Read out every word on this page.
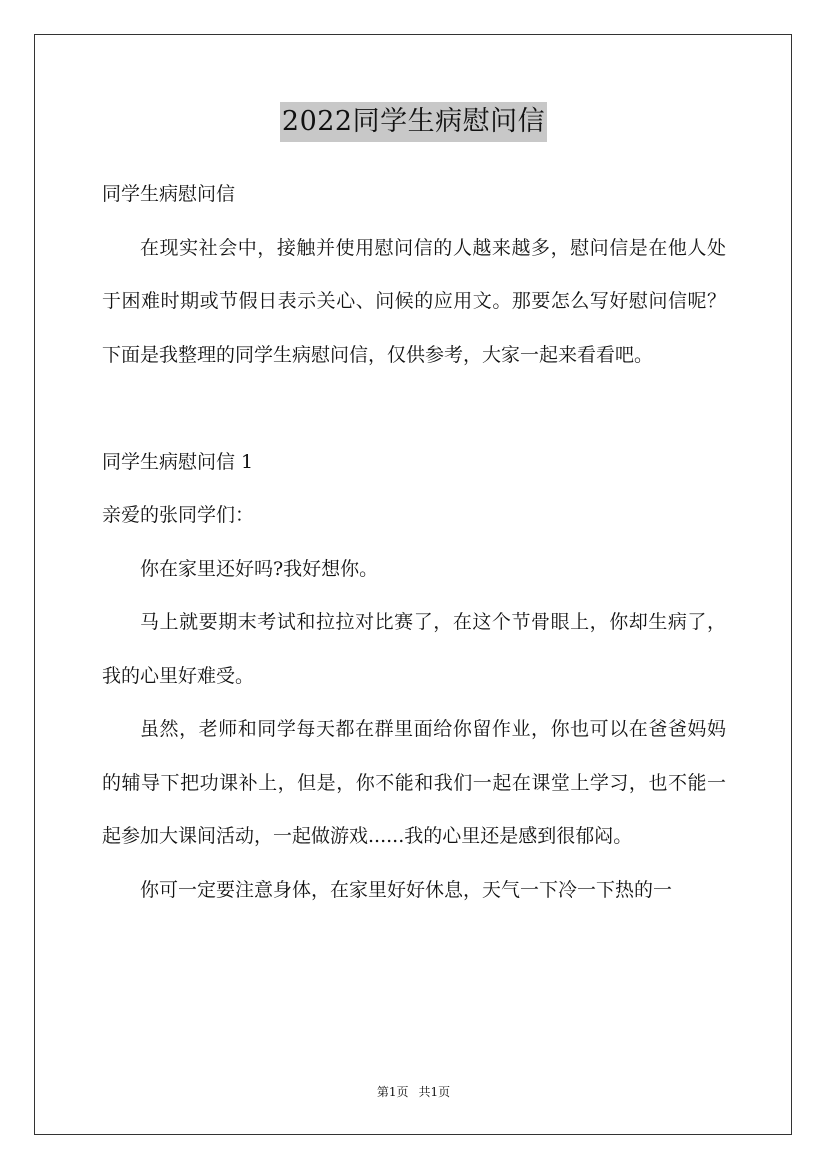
2022同学生病慰问信

同学生病慰问信

在现实社会中，接触并使用慰问信的人越来越多，慰问信是在他人处于困难时期或节假日表示关心、问候的应用文。那要怎么写好慰问信呢？下面是我整理的同学生病慰问信，仅供参考，大家一起来看看吧。

同学生病慰问信 1

亲爱的张同学们：

你在家里还好吗?我好想你。

马上就要期末考试和拉拉对比赛了，在这个节骨眼上，你却生病了，我的心里好难受。

虽然，老师和同学每天都在群里面给你留作业，你也可以在爸爸妈妈的辅导下把功课补上，但是，你不能和我们一起在课堂上学习，也不能一起参加大课间活动，一起做游戏......我的心里还是感到很郁闷。

你可一定要注意身体，在家里好好休息，天气一下冷一下热的一

第1页 共1页
